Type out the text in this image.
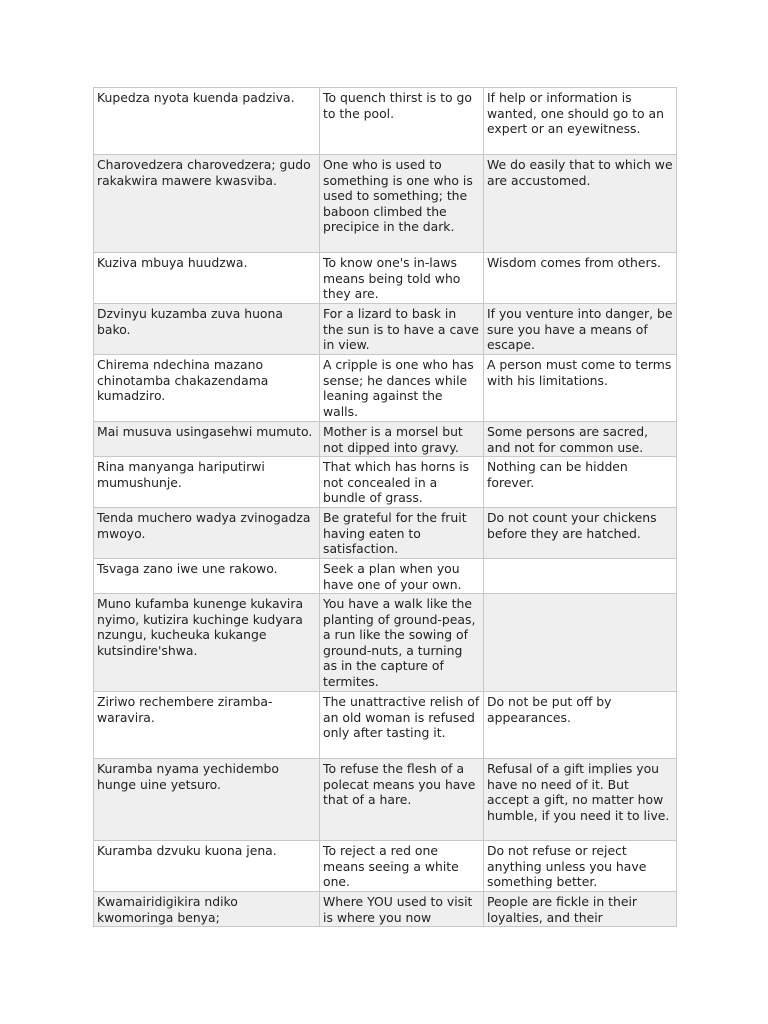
Kupedza nyota kuenda padziva.	To quench thirst is to go to the pool.	If help or information is wanted, one should go to an expert or an eyewitness.
Charovedzera charovedzera; gudo rakakwira mawere kwasviba.	One who is used to something is one who is used to something; the baboon climbed the precipice in the dark.	We do easily that to which we are accustomed.
Kuziva mbuya huudzwa.	To know one's in-laws means being told who they are.	Wisdom comes from others.
Dzvinyu kuzamba zuva huona bako.	For a lizard to bask in the sun is to have a cave in view.	If you venture into danger, be sure you have a means of escape.
Chirema ndechina mazano chinotamba chakazendama kumadziro.	A cripple is one who has sense; he dances while leaning against the walls.	A person must come to terms with his limitations.
Mai musuva usingasehwi mumuto.	Mother is a morsel but not dipped into gravy.	Some persons are sacred, and not for common use.
Rina manyanga hariputirwi mumushunje.	That which has horns is not concealed in a bundle of grass.	Nothing can be hidden forever.
Tenda muchero wadya zvinogadza mwoyo.	Be grateful for the fruit having eaten to satisfaction.	Do not count your chickens before they are hatched.
Tsvaga zano iwe une rakowo.	Seek a plan when you have one of your own.	
Muno kufamba kunenge kukavira nyimo, kutizira kuchinge kudyara nzungu, kucheuka kukange kutsindire'shwa.	You have a walk like the planting of ground-peas, a run like the sowing of ground-nuts, a turning as in the capture of termites.	
Ziriwo rechembere ziramba-waravira.	The unattractive relish of an old woman is refused only after tasting it.	Do not be put off by appearances.
Kuramba nyama yechidembo hunge uine yetsuro.	To refuse the flesh of a polecat means you have that of a hare.	Refusal of a gift implies you have no need of it. But accept a gift, no matter how humble, if you need it to live.
Kuramba dzvuku kuona jena.	To reject a red one means seeing a white one.	Do not refuse or reject anything unless you have something better.
Kwamairidigikira ndiko kwomoringa benya;	Where YOU used to visit is where you now	People are fickle in their loyalties, and their
